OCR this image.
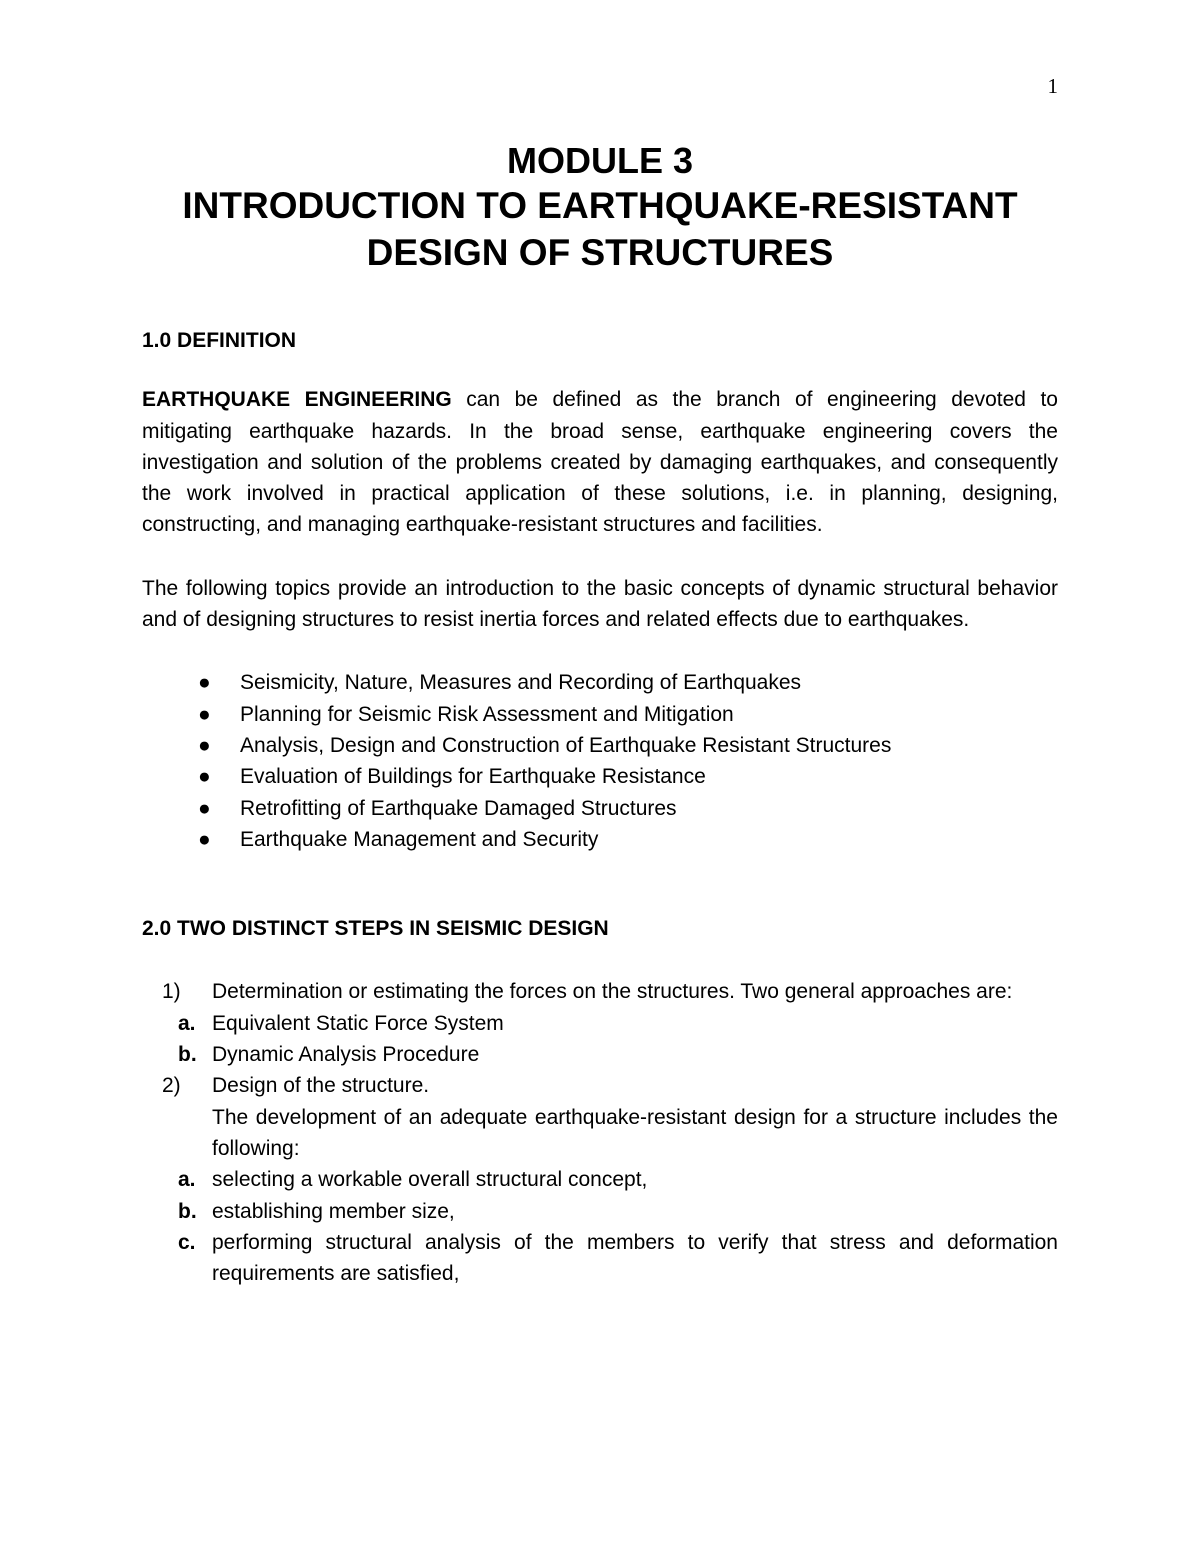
1
MODULE 3
INTRODUCTION TO EARTHQUAKE-RESISTANT
DESIGN OF STRUCTURES
1.0 DEFINITION

EARTHQUAKE ENGINEERING can be defined as the branch of engineering devoted to mitigating earthquake hazards. In the broad sense, earthquake engineering covers the investigation and solution of the problems created by damaging earthquakes, and consequently the work involved in practical application of these solutions, i.e. in planning, designing, constructing, and managing earthquake-resistant structures and facilities.

The following topics provide an introduction to the basic concepts of dynamic structural behavior and of designing structures to resist inertia forces and related effects due to earthquakes.

● Seismicity, Nature, Measures and Recording of Earthquakes
● Planning for Seismic Risk Assessment and Mitigation
● Analysis, Design and Construction of Earthquake Resistant Structures
● Evaluation of Buildings for Earthquake Resistance
● Retrofitting of Earthquake Damaged Structures
● Earthquake Management and Security
2.0 TWO DISTINCT STEPS IN SEISMIC DESIGN
1) Determination or estimating the forces on the structures. Two general approaches are:
a. Equivalent Static Force System
b. Dynamic Analysis Procedure
2) Design of the structure.
The development of an adequate earthquake-resistant design for a structure includes the following:
a. selecting a workable overall structural concept,
b. establishing member size,
c. performing structural analysis of the members to verify that stress and deformation requirements are satisfied,
